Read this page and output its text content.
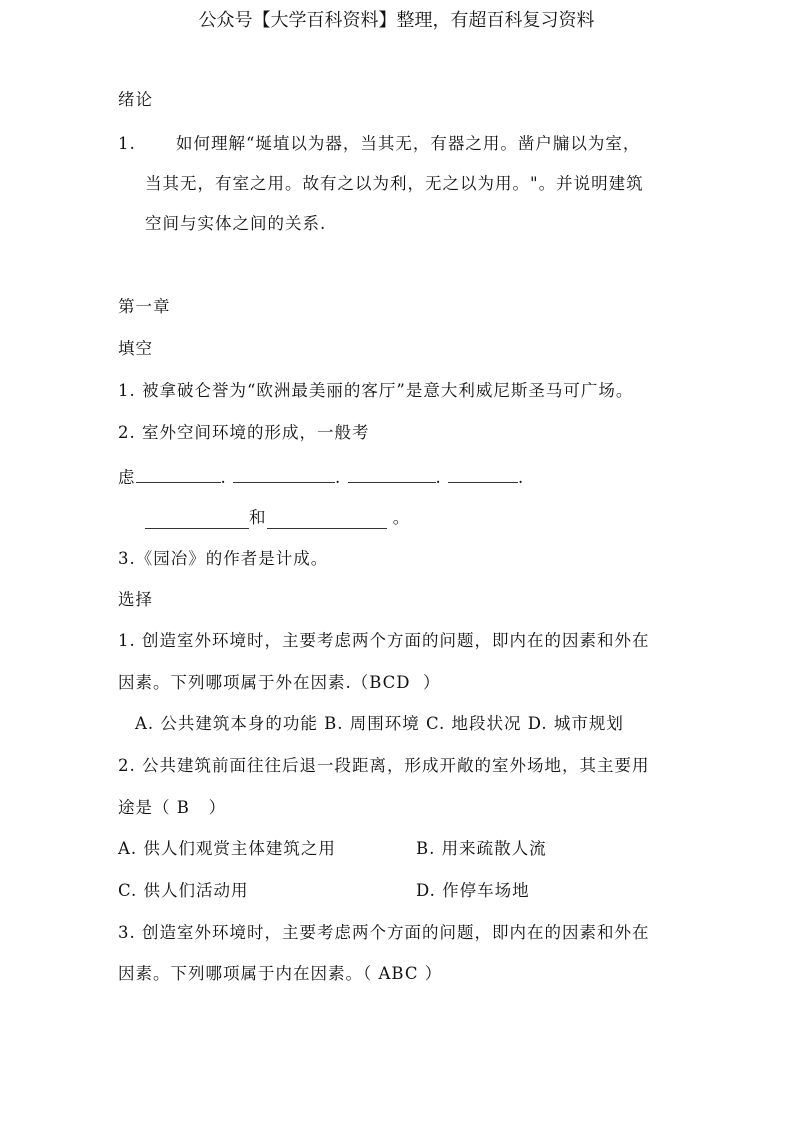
公众号【大学百科资料】整理，有超百科复习资料
绪论
1. 如何理解“埏埴以为器，当其无，有器之用。凿户牖以为室，
当其无，有室之用。故有之以为利，无之以为用。"。并说明建筑
空间与实体之间的关系.
第一章
填空
1. 被拿破仑誉为“欧洲最美丽的客厅”是意大利威尼斯圣马可广场。
2. 室外空间环境的形成，一般考
虑	.	.	.	.
和	。
3.《园冶》的作者是计成。
选择
1. 创造室外环境时，主要考虑两个方面的问题，即内在的因素和外在
因素。下列哪项属于外在因素.（BCD  ）
A. 公共建筑本身的功能 B. 周围环境 C. 地段状况 D. 城市规划
2. 公共建筑前面往往后退一段距离，形成开敞的室外场地，其主要用
途是（ B   ）
A. 供人们观赏主体建筑之用	B. 用来疏散人流
C. 供人们活动用	D. 作停车场地
3. 创造室外环境时，主要考虑两个方面的问题，即内在的因素和外在
因素。下列哪项属于内在因素。（ ABC ）
